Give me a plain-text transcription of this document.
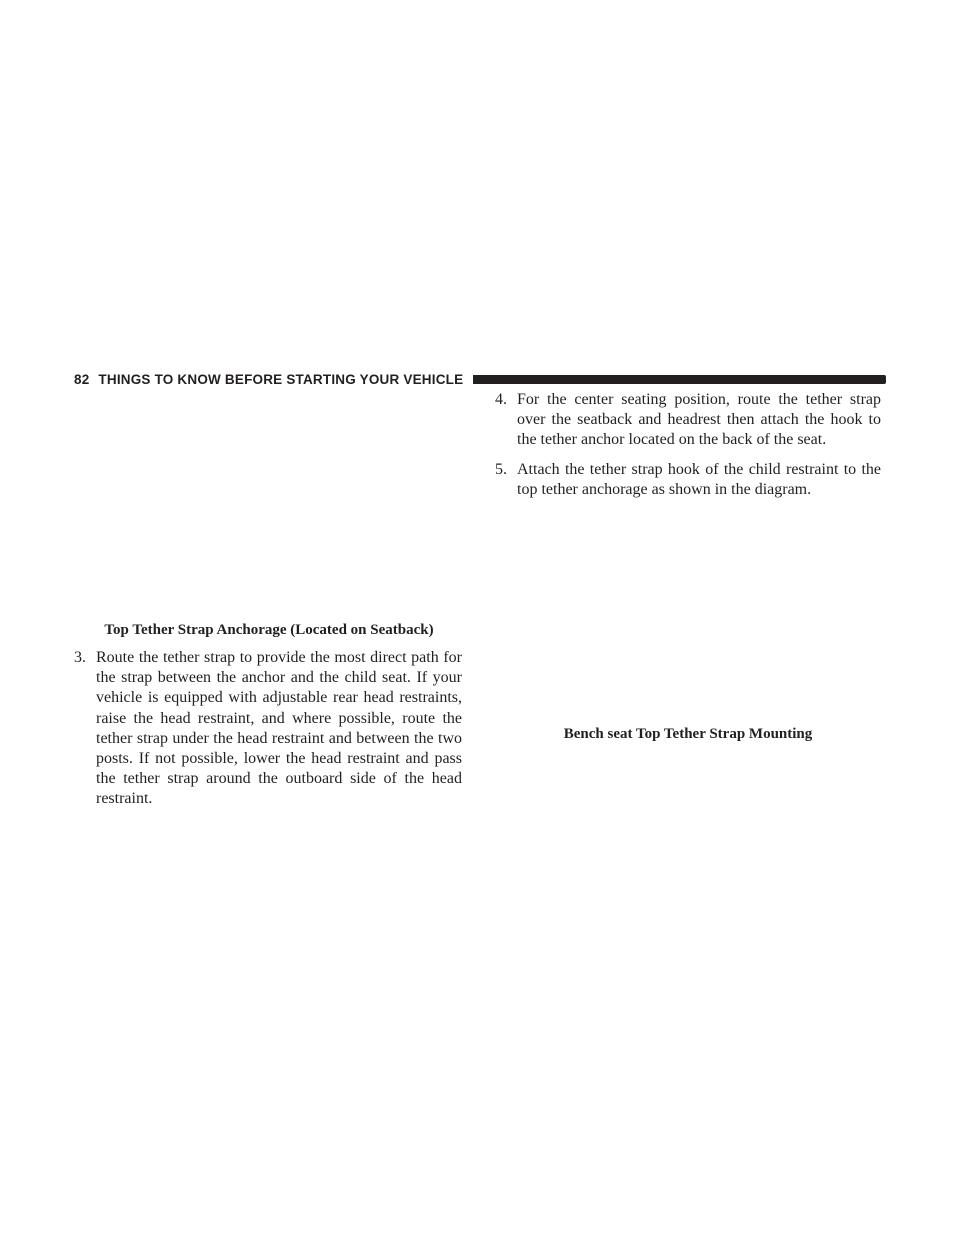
82 THINGS TO KNOW BEFORE STARTING YOUR VEHICLE
Top Tether Strap Anchorage (Located on Seatback)
3. Route the tether strap to provide the most direct path for the strap between the anchor and the child seat. If your vehicle is equipped with adjustable rear head restraints, raise the head restraint, and where possible, route the tether strap under the head restraint and between the two posts. If not possible, lower the head restraint and pass the tether strap around the outboard side of the head restraint.
4. For the center seating position, route the tether strap over the seatback and headrest then attach the hook to the tether anchor located on the back of the seat.
5. Attach the tether strap hook of the child restraint to the top tether anchorage as shown in the diagram.
Bench seat Top Tether Strap Mounting
